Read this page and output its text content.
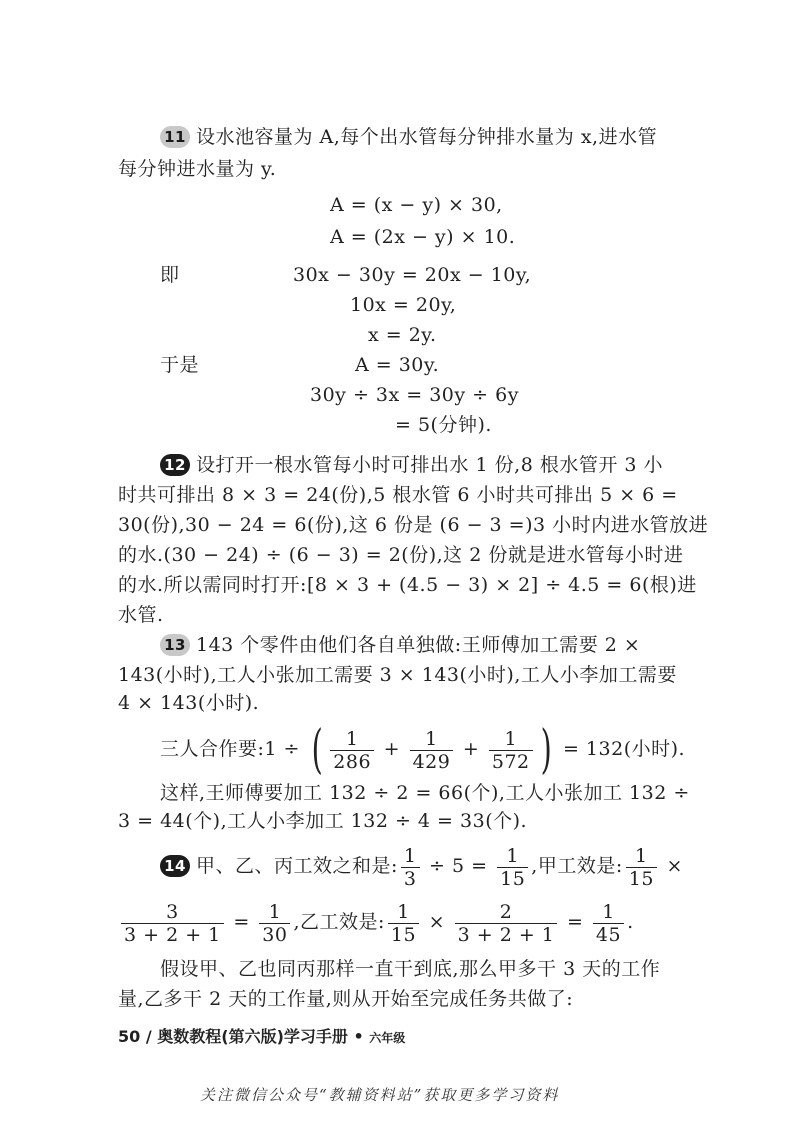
11 设水池容量为 A,每个出水管每分钟排水量为 x,进水管
每分钟进水量为 y.
A = (x − y) × 30,
A = (2x − y) × 10.
即	30x − 30y = 20x − 10y,
10x = 20y,
x = 2y.
于是	A = 30y.
30y ÷ 3x = 30y ÷ 6y
= 5(分钟).
12 设打开一根水管每小时可排出水 1 份,8 根水管开 3 小
时共可排出 8 × 3 = 24(份),5 根水管 6 小时共可排出 5 × 6 =
30(份),30 − 24 = 6(份),这 6 份是 (6 − 3 =)3 小时内进水管放进
的水.(30 − 24) ÷ (6 − 3) = 2(份),这 2 份就是进水管每小时进
的水.所以需同时打开:[8 × 3 + (4.5 − 3) × 2] ÷ 4.5 = 6(根)进
水管.
13 143 个零件由他们各自单独做:王师傅加工需要 2 ×
143(小时),工人小张加工需要 3 × 143(小时),工人小李加工需要
4 × 143(小时).
三人合作要:1 ÷ ( $\frac{1}{286} + \frac{1}{429} + \frac{1}{572}$ ) = 132(小时).
这样,王师傅要加工 132 ÷ 2 = 66(个),工人小张加工 132 ÷
3 = 44(个),工人小李加工 132 ÷ 4 = 33(个).
14 甲、乙、丙工效之和是: $\frac{1}{3} \div 5 = \frac{1}{15}$ ,甲工效是: $\frac{1}{15}$ ×
$\frac{3}{3 + 2 + 1} = \frac{1}{30}$ ,乙工效是: $\frac{1}{15} \times \frac{2}{3 + 2 + 1} = \frac{1}{45}$ .
假设甲、乙也同丙那样一直干到底,那么甲多干 3 天的工作
量,乙多干 2 天的工作量,则从开始至完成任务共做了:
50 / 奥数教程(第六版)学习手册 • 六年级
关注微信公众号“教辅资料站”获取更多学习资料
